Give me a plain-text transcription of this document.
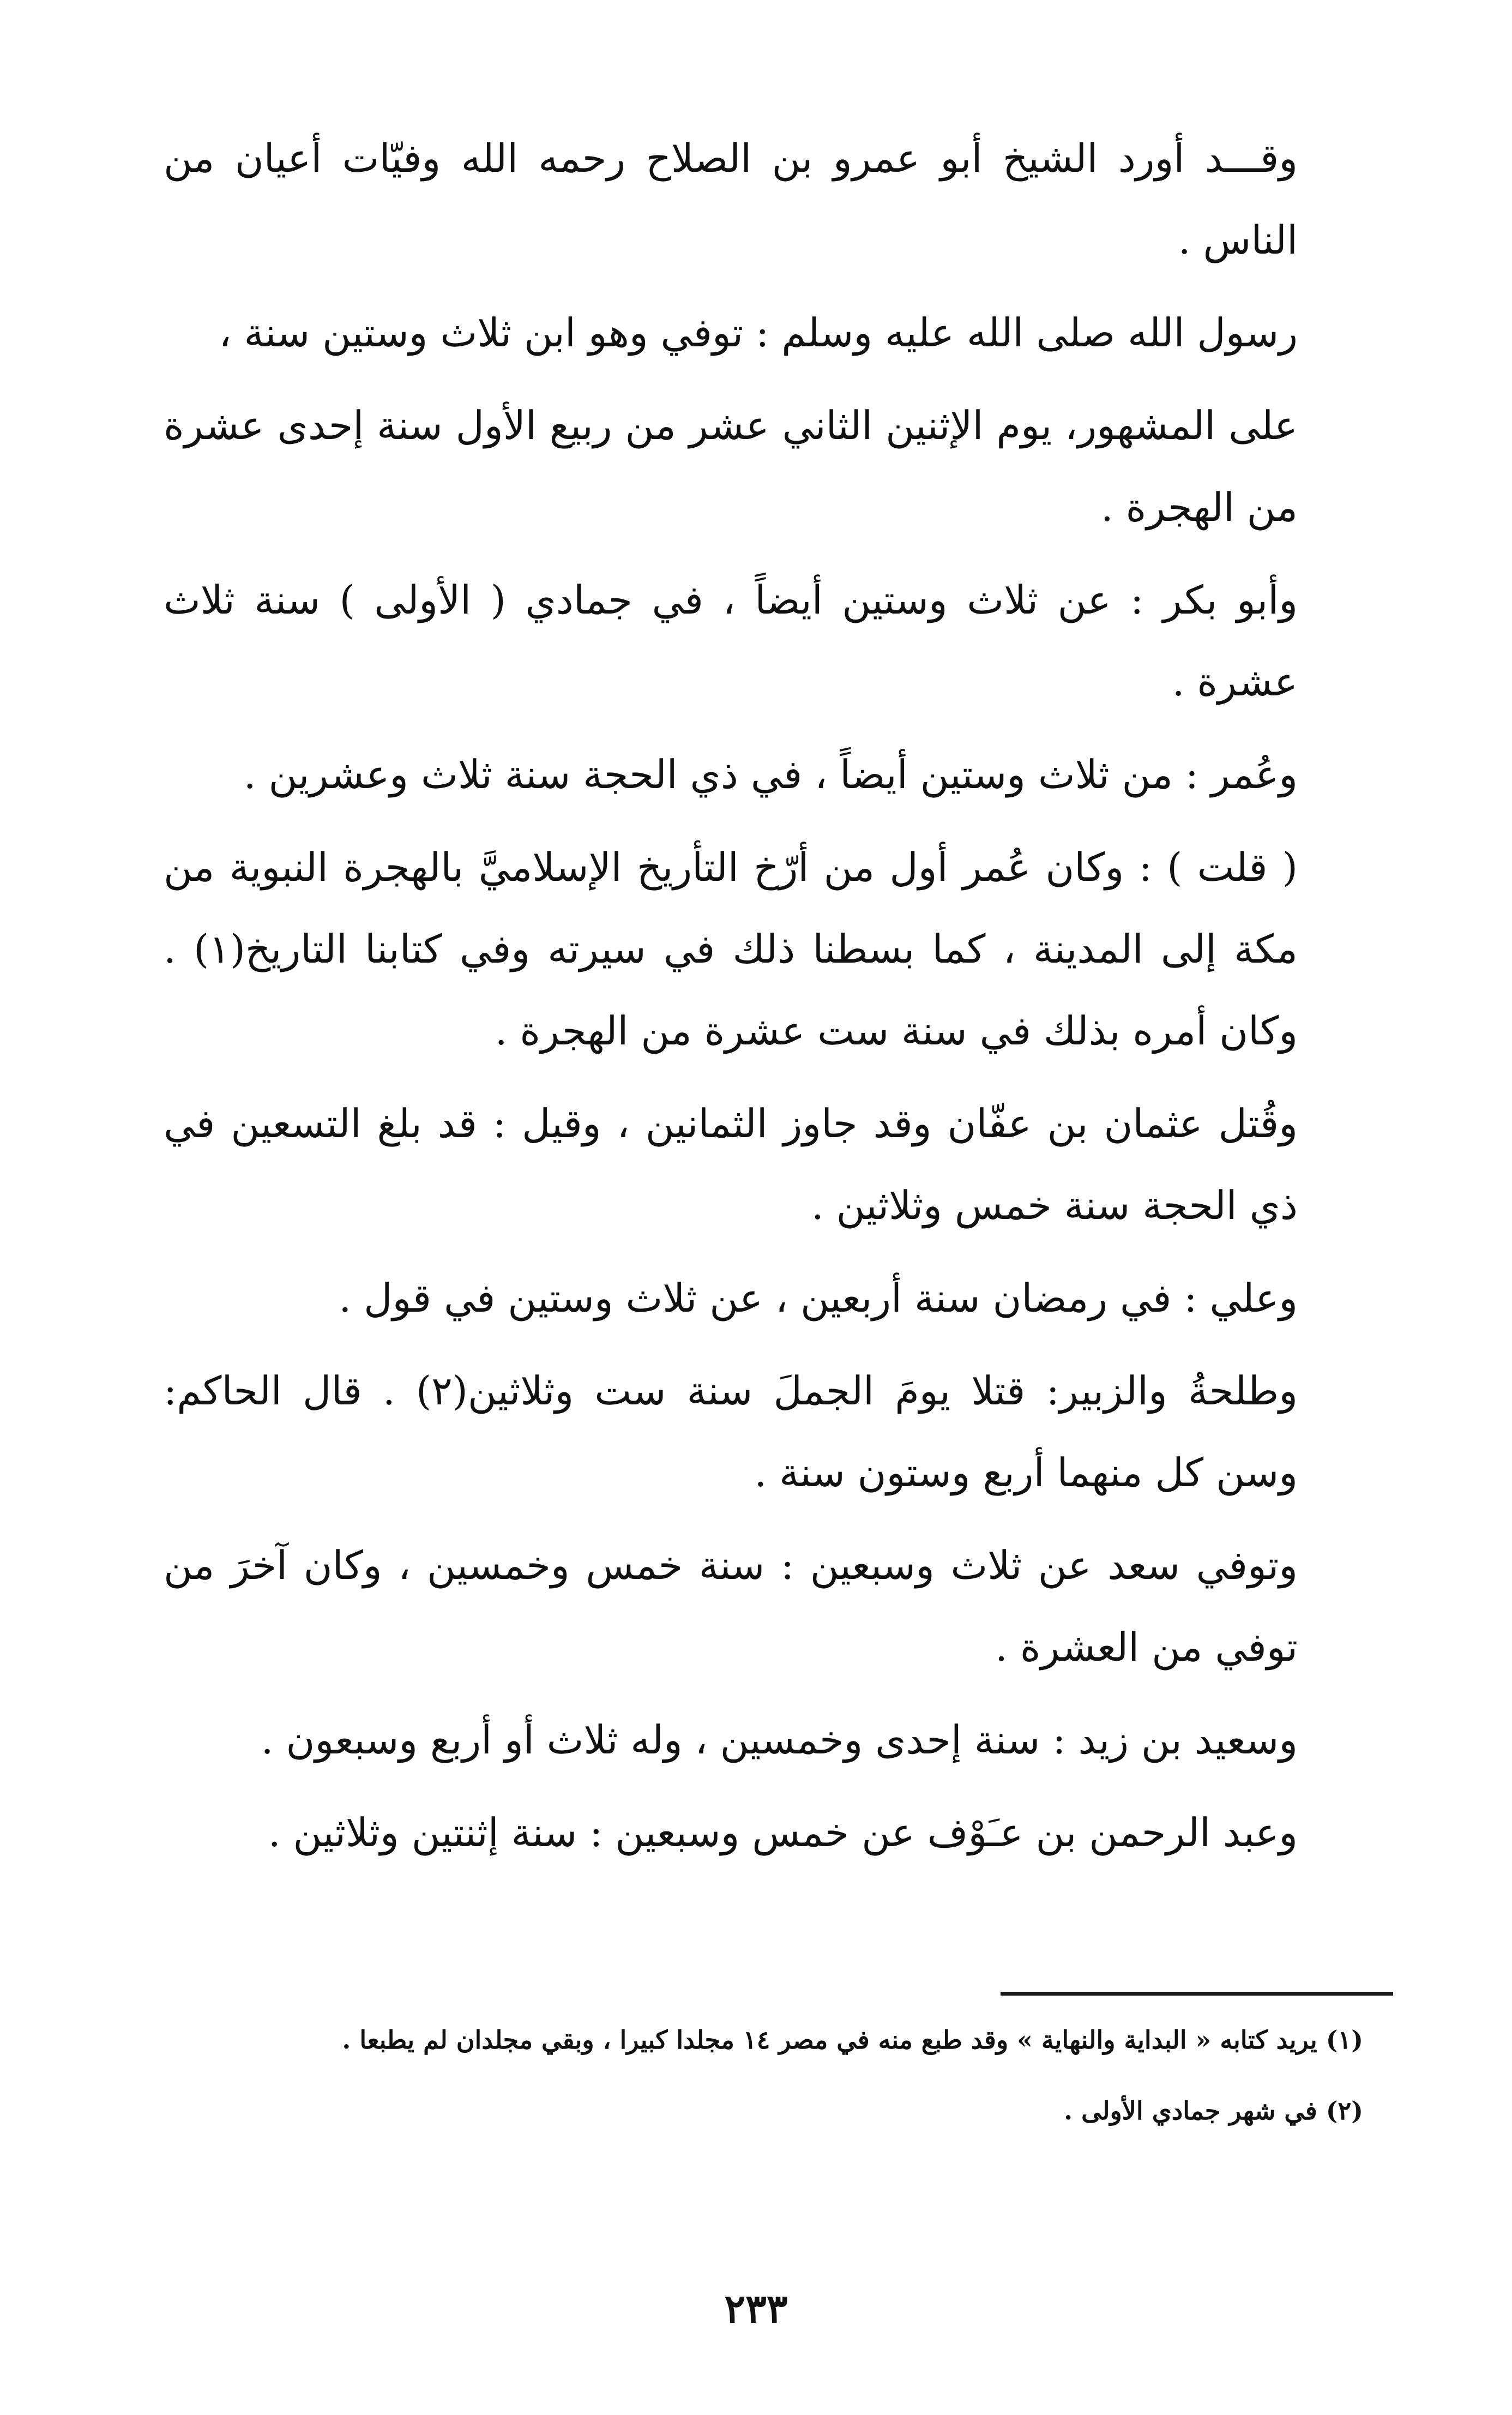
وقـــد أورد الشيخ أبو عمرو بن الصلاح رحمه الله وفيّات أعيان من الناس .

رسول الله صلى الله عليه وسلم : توفي وهو ابن ثلاث وستين سنة ،

على المشهور، يوم الإثنين الثاني عشر من ربيع الأول سنة إحدى عشرة من الهجرة .

وأبو بكر : عن ثلاث وستين أيضاً ، في جمادي ( الأولى ) سنة ثلاث عشرة .

وعُمر : من ثلاث وستين أيضاً ، في ذي الحجة سنة ثلاث وعشرين .

( قلت ) : وكان عُمر أول من أرّخ التأريخ الإسلاميَّ بالهجرة النبوية من مكة إلى المدينة ، كما بسطنا ذلك في سيرته وفي كتابنا التاريخ(١) . وكان أمره بذلك في سنة ست عشرة من الهجرة .

وقُتل عثمان بن عفّان وقد جاوز الثمانين ، وقيل : قد بلغ التسعين في ذي الحجة سنة خمس وثلاثين .

وعلي : في رمضان سنة أربعين ، عن ثلاث وستين في قول .

وطلحةُ والزبير: قتلا يومَ الجملَ سنة ست وثلاثين(٢) . قال الحاكم: وسن كل منهما أربع وستون سنة .

وتوفي سعد عن ثلاث وسبعين : سنة خمس وخمسين ، وكان آخرَ من توفي من العشرة .

وسعيد بن زيد : سنة إحدى وخمسين ، وله ثلاث أو أربع وسبعون .

وعبد الرحمن بن عـَوْف عن خمس وسبعين : سنة إثنتين وثلاثين .

(١) يريد كتابه « البداية والنهاية » وقد طبع منه في مصر ١٤ مجلدا كبيرا ، وبقي مجلدان لم يطبعا .

(٢) في شهر جمادي الأولى .

٢٣٣
